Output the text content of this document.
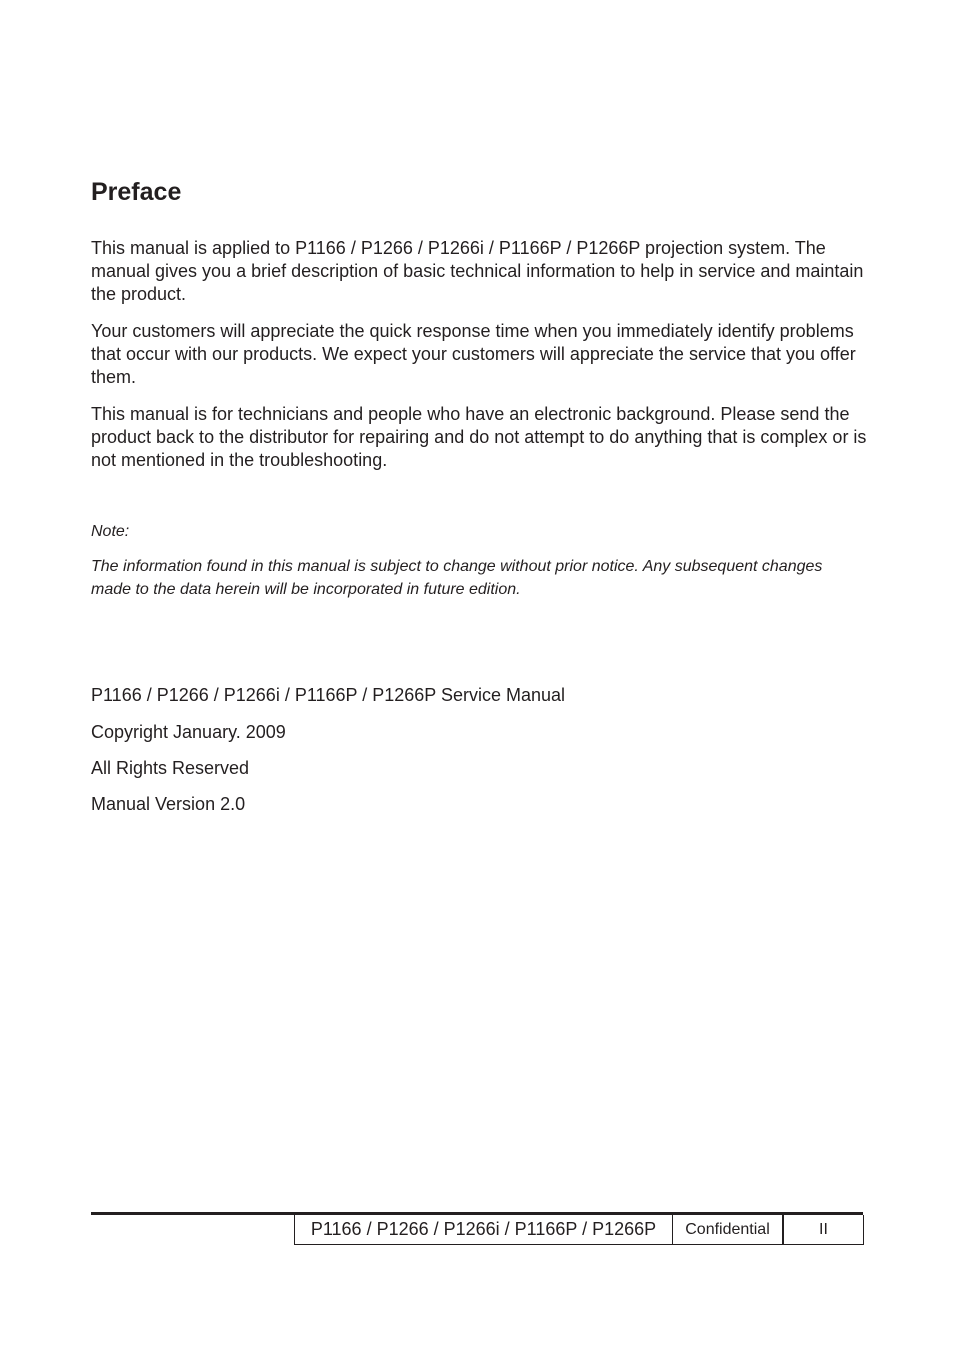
Preface

This manual is applied to P1166 / P1266 / P1266i / P1166P / P1266P projection system. The manual gives you a brief description of basic technical information to help in service and maintain the product.

Your customers will appreciate the quick response time when you immediately identify problems that occur with our products. We expect your customers will appreciate the service that you offer them.

This manual is for technicians and people who have an electronic background. Please send the product back to the distributor for repairing and do not attempt to do anything that is complex or is not mentioned in the troubleshooting.

Note:

The information found in this manual is subject to change without prior notice. Any subsequent changes made to the data herein will be incorporated in future edition.

P1166 / P1266 / P1266i / P1166P / P1266P Service Manual

Copyright January. 2009

All Rights Reserved

Manual Version 2.0

P1166 / P1266 / P1266i / P1166P / P1266P	Confidential	II
